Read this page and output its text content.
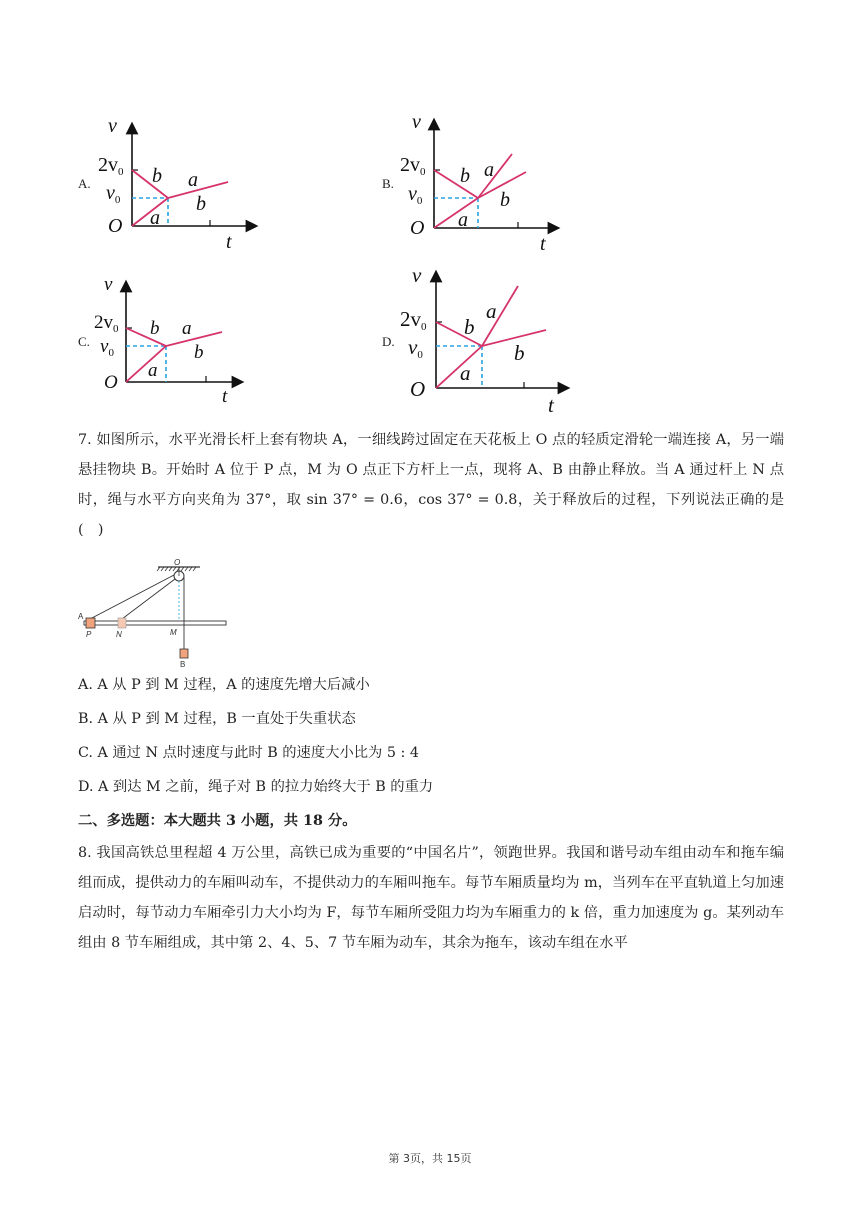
A.
v
$2v_0$
$v_0$
O
t
b a
b
a
B.
v
$2v_0$
$v_0$
O
t
b a
b
a
C.
v
$2v_0$
$v_0$
O
t
b a
b
a
D.
v
2v0
v0
O
t
b
a
b
a
7. 如图所示，水平光滑长杆上套有物块 A，一细线跨过固定在天花板上 O 点的轻质定滑轮一端连接 A，另一端悬挂物块 B。开始时 A 位于 P 点，M 为 O 点正下方杆上一点，现将 A、B 由静止释放。当 A 通过杆上 N 点时，绳与水平方向夹角为 37°，取 sin 37° = 0.6，cos 37° = 0.8，关于释放后的过程，下列说法正确的是(　)
O
A
P	N	M
B
A. A 从 P 到 M 过程，A 的速度先增大后减小
B. A 从 P 到 M 过程，B 一直处于失重状态
C. A 通过 N 点时速度与此时 B 的速度大小比为 5 : 4
D. A 到达 M 之前，绳子对 B 的拉力始终大于 B 的重力
二、多选题：本大题共 3 小题，共 18 分。
8. 我国高铁总里程超 4 万公里，高铁已成为重要的“中国名片”，领跑世界。我国和谐号动车组由动车和拖车编组而成，提供动力的车厢叫动车，不提供动力的车厢叫拖车。每节车厢质量均为 m，当列车在平直轨道上匀加速启动时，每节动力车厢牵引力大小均为 F，每节车厢所受阻力均为车厢重力的 k 倍，重力加速度为 g。某列动车组由 8 节车厢组成，其中第 2、4、5、7 节车厢为动车，其余为拖车，该动车组在水平
第 3页，共 15页
